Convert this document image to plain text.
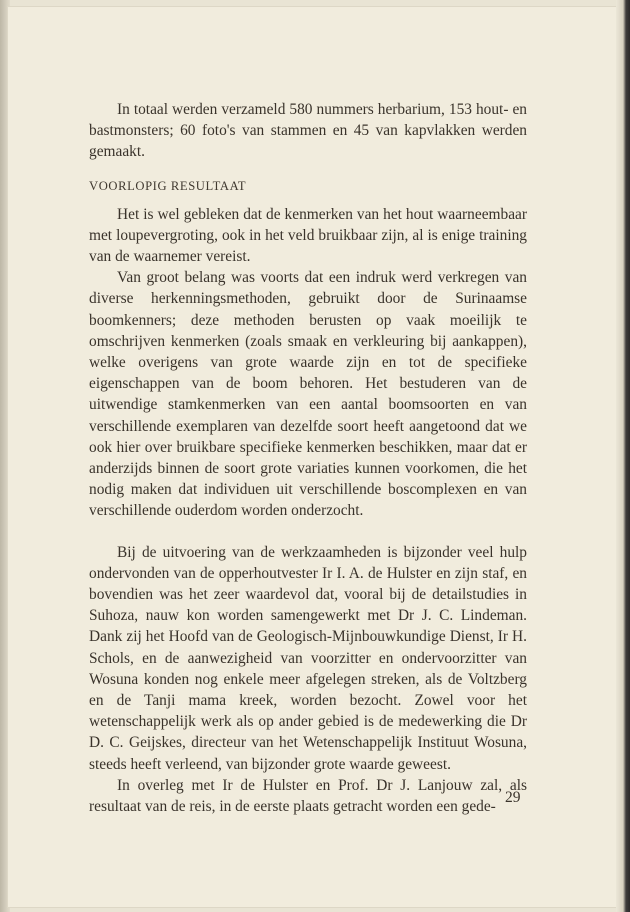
In totaal werden verzameld 580 nummers herbarium, 153 hout- en bastmonsters; 60 foto's van stammen en 45 van kapvlakken werden gemaakt.

VOORLOPIG RESULTAAT

Het is wel gebleken dat de kenmerken van het hout waarneembaar met loupevergroting, ook in het veld bruikbaar zijn, al is enige training van de waarnemer vereist.

Van groot belang was voorts dat een indruk werd verkregen van diverse herkenningsmethoden, gebruikt door de Surinaamse boomkenners; deze methoden berusten op vaak moeilijk te omschrijven kenmerken (zoals smaak en verkleuring bij aankappen), welke overigens van grote waarde zijn en tot de specifieke eigenschappen van de boom behoren. Het bestuderen van de uitwendige stamkenmerken van een aantal boomsoorten en van verschillende exemplaren van dezelfde soort heeft aangetoond dat we ook hier over bruikbare specifieke kenmerken beschikken, maar dat er anderzijds binnen de soort grote variaties kunnen voorkomen, die het nodig maken dat individuen uit verschillende boscomplexen en van verschillende ouderdom worden onderzocht.

Bij de uitvoering van de werkzaamheden is bijzonder veel hulp ondervonden van de opperhoutvester Ir I. A. de Hulster en zijn staf, en bovendien was het zeer waardevol dat, vooral bij de detailstudies in Suhoza, nauw kon worden samengewerkt met Dr J. C. Lindeman. Dank zij het Hoofd van de Geologisch-Mijnbouwkundige Dienst, Ir H. Schols, en de aanwezigheid van voorzitter en ondervoorzitter van Wosuna konden nog enkele meer afgelegen streken, als de Voltzberg en de Tanji mama kreek, worden bezocht. Zowel voor het wetenschappelijk werk als op ander gebied is de medewerking die Dr D. C. Geijskes, directeur van het Wetenschappelijk Instituut Wosuna, steeds heeft verleend, van bijzonder grote waarde geweest.

In overleg met Ir de Hulster en Prof. Dr J. Lanjouw zal, als resultaat van de reis, in de eerste plaats getracht worden een gede-

29
